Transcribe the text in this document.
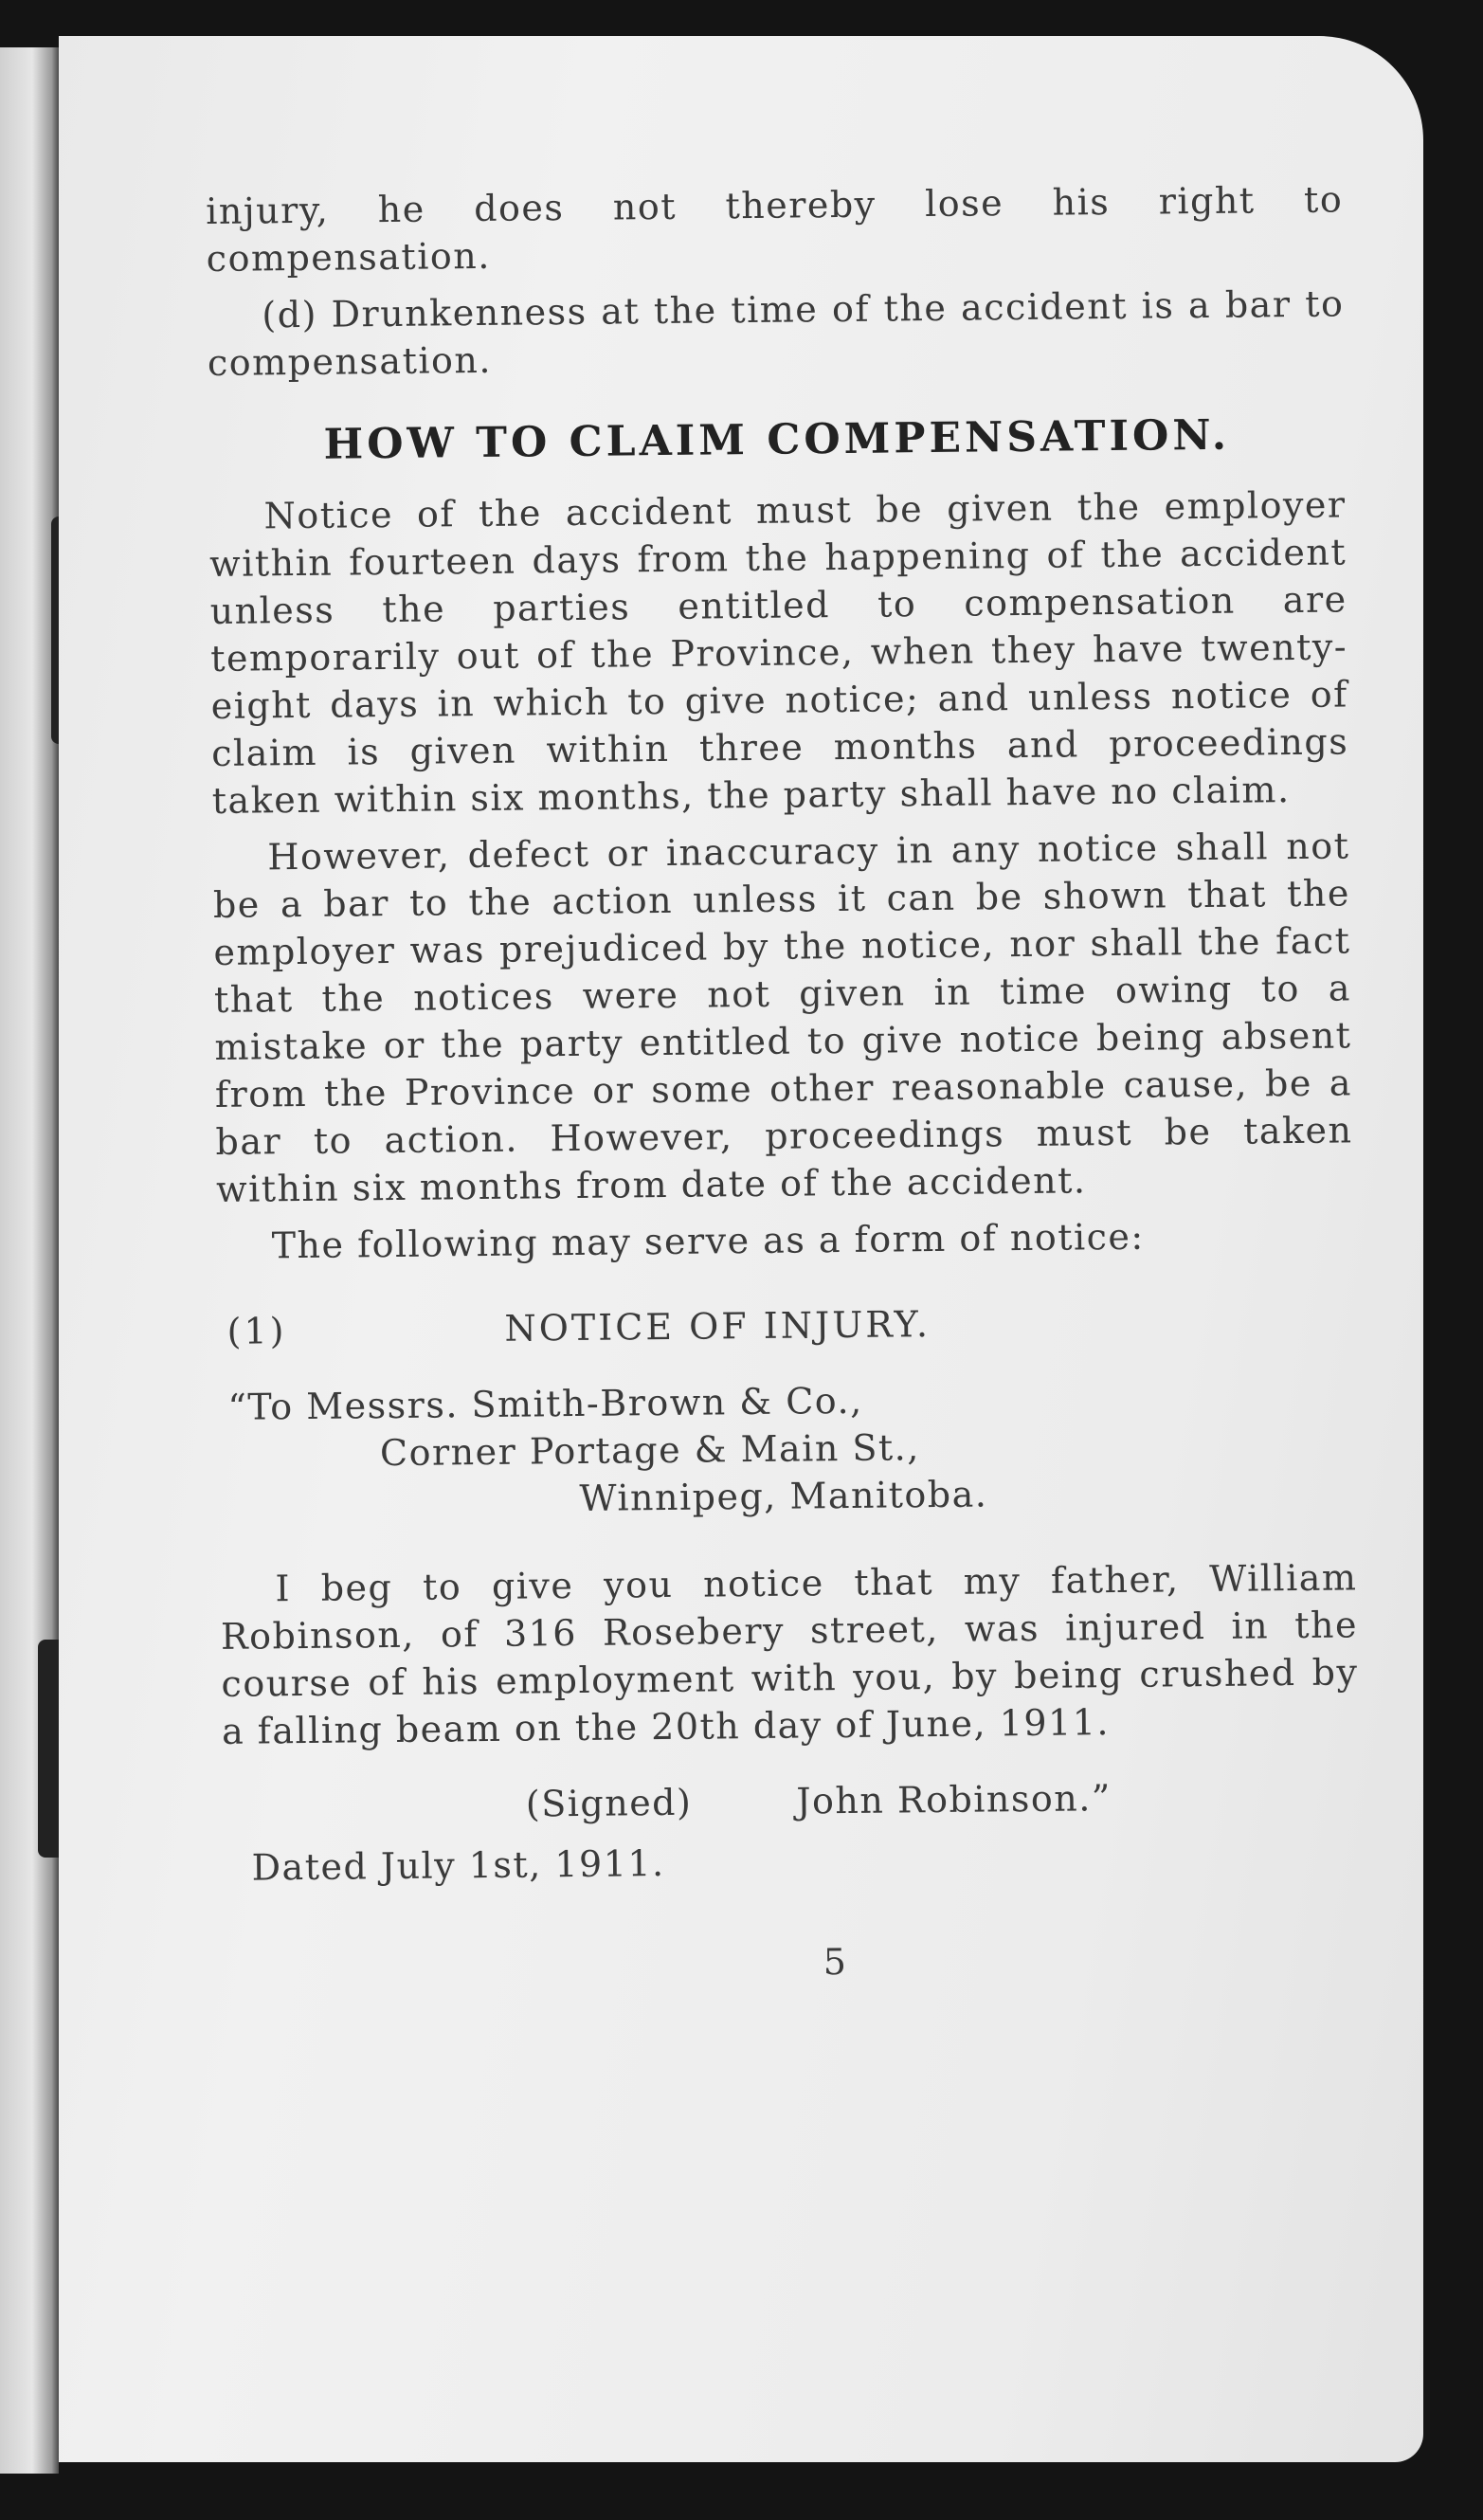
injury, he does not thereby lose his right to compensation.

(d) Drunkenness at the time of the accident is a bar to compensation.

HOW TO CLAIM COMPENSATION.

Notice of the accident must be given the employer within fourteen days from the happening of the accident unless the parties entitled to compensation are temporarily out of the Province, when they have twenty-eight days in which to give notice; and unless notice of claim is given within three months and proceedings taken within six months, the party shall have no claim.

However, defect or inaccuracy in any notice shall not be a bar to the action unless it can be shown that the employer was prejudiced by the notice, nor shall the fact that the notices were not given in time owing to a mistake or the party entitled to give notice being absent from the Province or some other reasonable cause, be a bar to action. However, proceedings must be taken within six months from date of the accident.

The following may serve as a form of notice:

(1)	NOTICE OF INJURY.

“To Messrs. Smith-Brown & Co.,

Corner Portage & Main St.,

Winnipeg, Manitoba.

I beg to give you notice that my father, William Robinson, of 316 Rosebery street, was injured in the course of his employment with you, by being crushed by a falling beam on the 20th day of June, 1911.

(Signed)	John Robinson.”
Dated July 1st, 1911.
5
